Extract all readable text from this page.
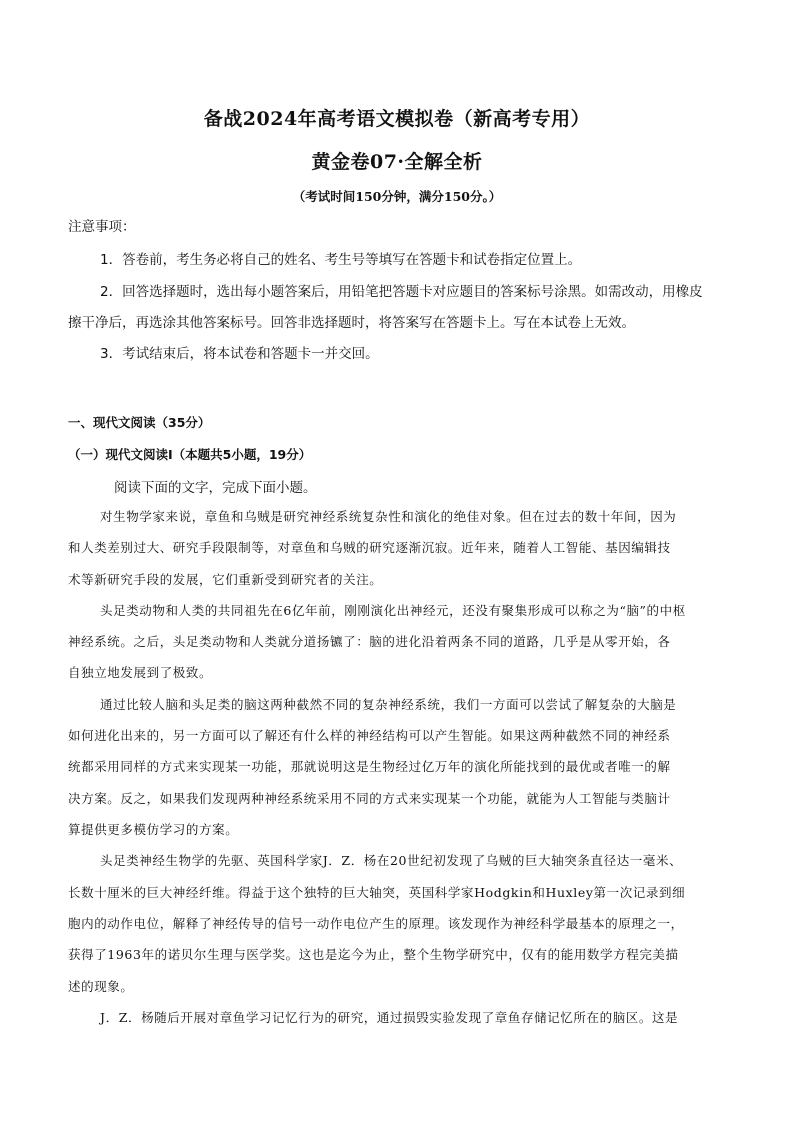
备战2024年高考语文模拟卷（新高考专用）
黄金卷07·全解全析
（考试时间150分钟，满分150分。）
注意事项：
1．答卷前，考生务必将自己的姓名、考生号等填写在答题卡和试卷指定位置上。
2．回答选择题时，选出每小题答案后，用铅笔把答题卡对应题目的答案标号涂黑。如需改动，用橡皮
擦干净后，再选涂其他答案标号。回答非选择题时，将答案写在答题卡上。写在本试卷上无效。
3．考试结束后，将本试卷和答题卡一并交回。
一、现代文阅读（35分）
（一）现代文阅读Ⅰ（本题共5小题，19分）
阅读下面的文字，完成下面小题。
对生物学家来说，章鱼和乌贼是研究神经系统复杂性和演化的绝佳对象。但在过去的数十年间，因为
和人类差别过大、研究手段限制等，对章鱼和乌贼的研究逐渐沉寂。近年来，随着人工智能、基因编辑技
术等新研究手段的发展，它们重新受到研究者的关注。
头足类动物和人类的共同祖先在6亿年前，刚刚演化出神经元，还没有聚集形成可以称之为“脑”的中枢
神经系统。之后，头足类动物和人类就分道扬镳了：脑的进化沿着两条不同的道路，几乎是从零开始，各
自独立地发展到了极致。
通过比较人脑和头足类的脑这两种截然不同的复杂神经系统，我们一方面可以尝试了解复杂的大脑是
如何进化出来的，另一方面可以了解还有什么样的神经结构可以产生智能。如果这两种截然不同的神经系
统都采用同样的方式来实现某一功能，那就说明这是生物经过亿万年的演化所能找到的最优或者唯一的解
决方案。反之，如果我们发现两种神经系统采用不同的方式来实现某一个功能，就能为人工智能与类脑计
算提供更多模仿学习的方案。
头足类神经生物学的先驱、英国科学家J．Z．杨在20世纪初发现了乌贼的巨大轴突条直径达一毫米、
长数十厘米的巨大神经纤维。得益于这个独特的巨大轴突，英国科学家Hodgkin和Huxley第一次记录到细
胞内的动作电位，解释了神经传导的信号一动作电位产生的原理。该发现作为神经科学最基本的原理之一，
获得了1963年的诺贝尔生理与医学奖。这也是迄今为止，整个生物学研究中，仅有的能用数学方程完美描
述的现象。
J．Z．杨随后开展对章鱼学习记忆行为的研究，通过损毁实验发现了章鱼存储记忆所在的脑区。这是
